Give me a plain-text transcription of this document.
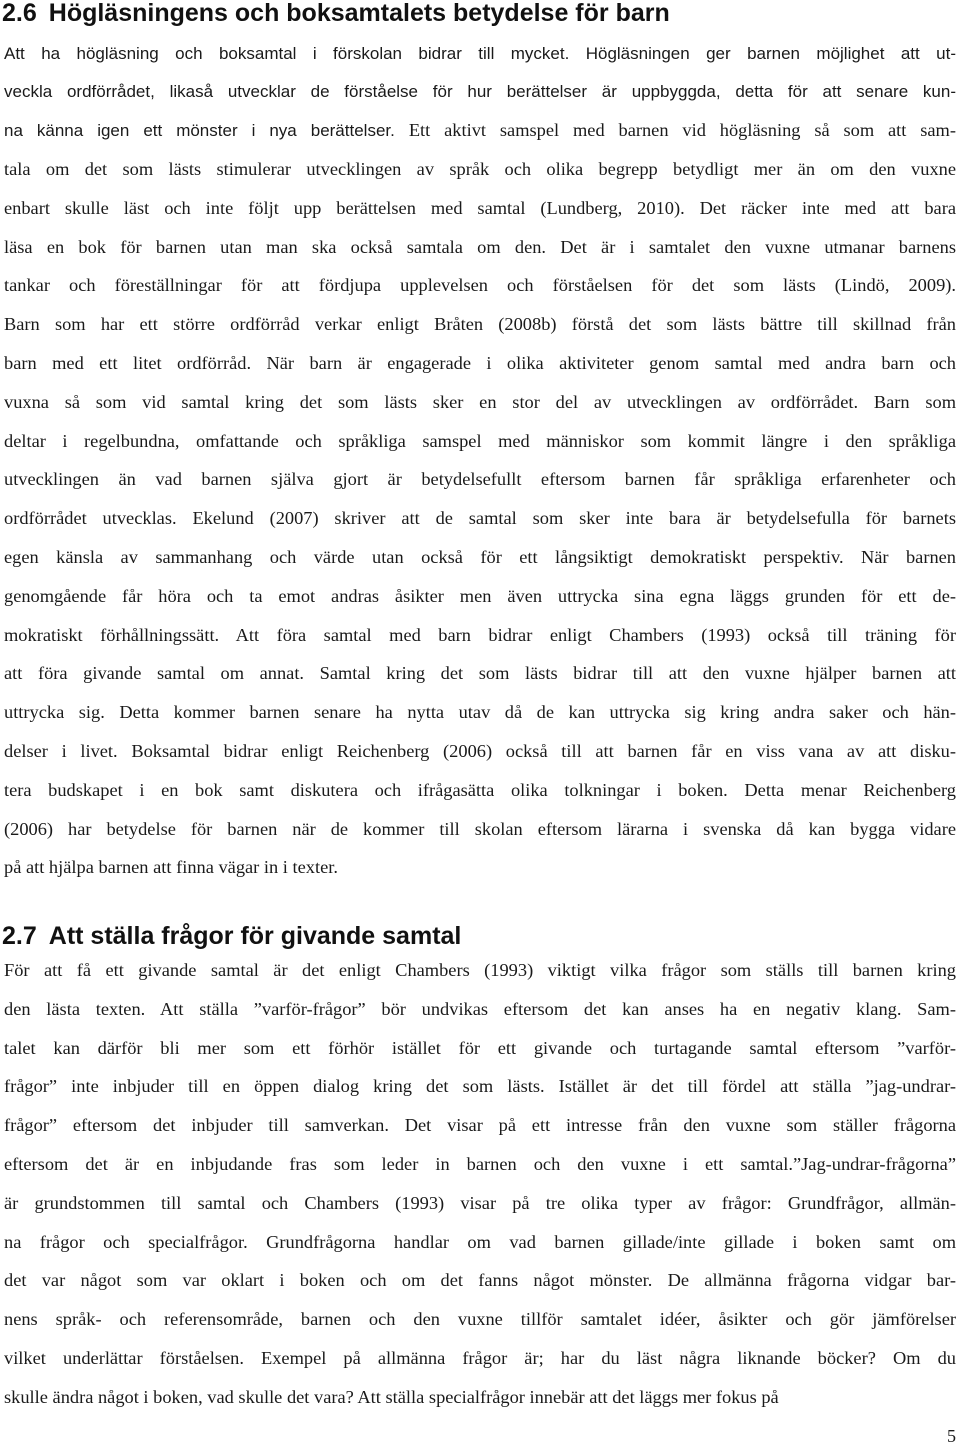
2.6 Högläsningens och boksamtalets betydelse för barn
Att ha högläsning och boksamtal i förskolan bidrar till mycket. Högläsningen ger barnen möjlighet att ut-
veckla ordförrådet, likaså utvecklar de förståelse för hur berättelser är uppbyggda, detta för att senare kun-
na känna igen ett mönster i nya berättelser. Ett aktivt samspel med barnen vid högläsning så som att sam-
tala om det som lästs stimulerar utvecklingen av språk och olika begrepp betydligt mer än om den vuxne
enbart skulle läst och inte följt upp berättelsen med samtal (Lundberg, 2010). Det räcker inte med att bara
läsa en bok för barnen utan man ska också samtala om den. Det är i samtalet den vuxne utmanar barnens
tankar och föreställningar för att fördjupa upplevelsen och förståelsen för det som lästs (Lindö, 2009).
Barn som har ett större ordförråd verkar enligt Bråten (2008b) förstå det som lästs bättre till skillnad från
barn med ett litet ordförråd. När barn är engagerade i olika aktiviteter genom samtal med andra barn och
vuxna så som vid samtal kring det som lästs sker en stor del av utvecklingen av ordförrådet. Barn som
deltar i regelbundna, omfattande och språkliga samspel med människor som kommit längre i den språkliga
utvecklingen än vad barnen själva gjort är betydelsefullt eftersom barnen får språkliga erfarenheter och
ordförrådet utvecklas. Ekelund (2007) skriver att de samtal som sker inte bara är betydelsefulla för barnets
egen känsla av sammanhang och värde utan också för ett långsiktigt demokratiskt perspektiv. När barnen
genomgående får höra och ta emot andras åsikter men även uttrycka sina egna läggs grunden för ett de-
mokratiskt förhållningssätt. Att föra samtal med barn bidrar enligt Chambers (1993) också till träning för
att föra givande samtal om annat. Samtal kring det som lästs bidrar till att den vuxne hjälper barnen att
uttrycka sig. Detta kommer barnen senare ha nytta utav då de kan uttrycka sig kring andra saker och hän-
delser i livet. Boksamtal bidrar enligt Reichenberg (2006) också till att barnen får en viss vana av att disku-
tera budskapet i en bok samt diskutera och ifrågasätta olika tolkningar i boken. Detta menar Reichenberg
(2006) har betydelse för barnen när de kommer till skolan eftersom lärarna i svenska då kan bygga vidare
på att hjälpa barnen att finna vägar in i texter.
2.7 Att ställa frågor för givande samtal
För att få ett givande samtal är det enligt Chambers (1993) viktigt vilka frågor som ställs till barnen kring
den lästa texten. Att ställa ”varför-frågor” bör undvikas eftersom det kan anses ha en negativ klang. Sam-
talet kan därför bli mer som ett förhör istället för ett givande och turtagande samtal eftersom ”varför-
frågor” inte inbjuder till en öppen dialog kring det som lästs. Istället är det till fördel att ställa ”jag-undrar-
frågor” eftersom det inbjuder till samverkan. Det visar på ett intresse från den vuxne som ställer frågorna
eftersom det är en inbjudande fras som leder in barnen och den vuxne i ett samtal.”Jag-undrar-frågorna”
är grundstommen till samtal och Chambers (1993) visar på tre olika typer av frågor: Grundfrågor, allmän-
na frågor och specialfrågor. Grundfrågorna handlar om vad barnen gillade/inte gillade i boken samt om
det var något som var oklart i boken och om det fanns något mönster. De allmänna frågorna vidgar bar-
nens språk- och referensområde, barnen och den vuxne tillför samtalet idéer, åsikter och gör jämförelser
vilket underlättar förståelsen. Exempel på allmänna frågor är; har du läst några liknande böcker? Om du
skulle ändra något i boken, vad skulle det vara? Att ställa specialfrågor innebär att det läggs mer fokus på

5
